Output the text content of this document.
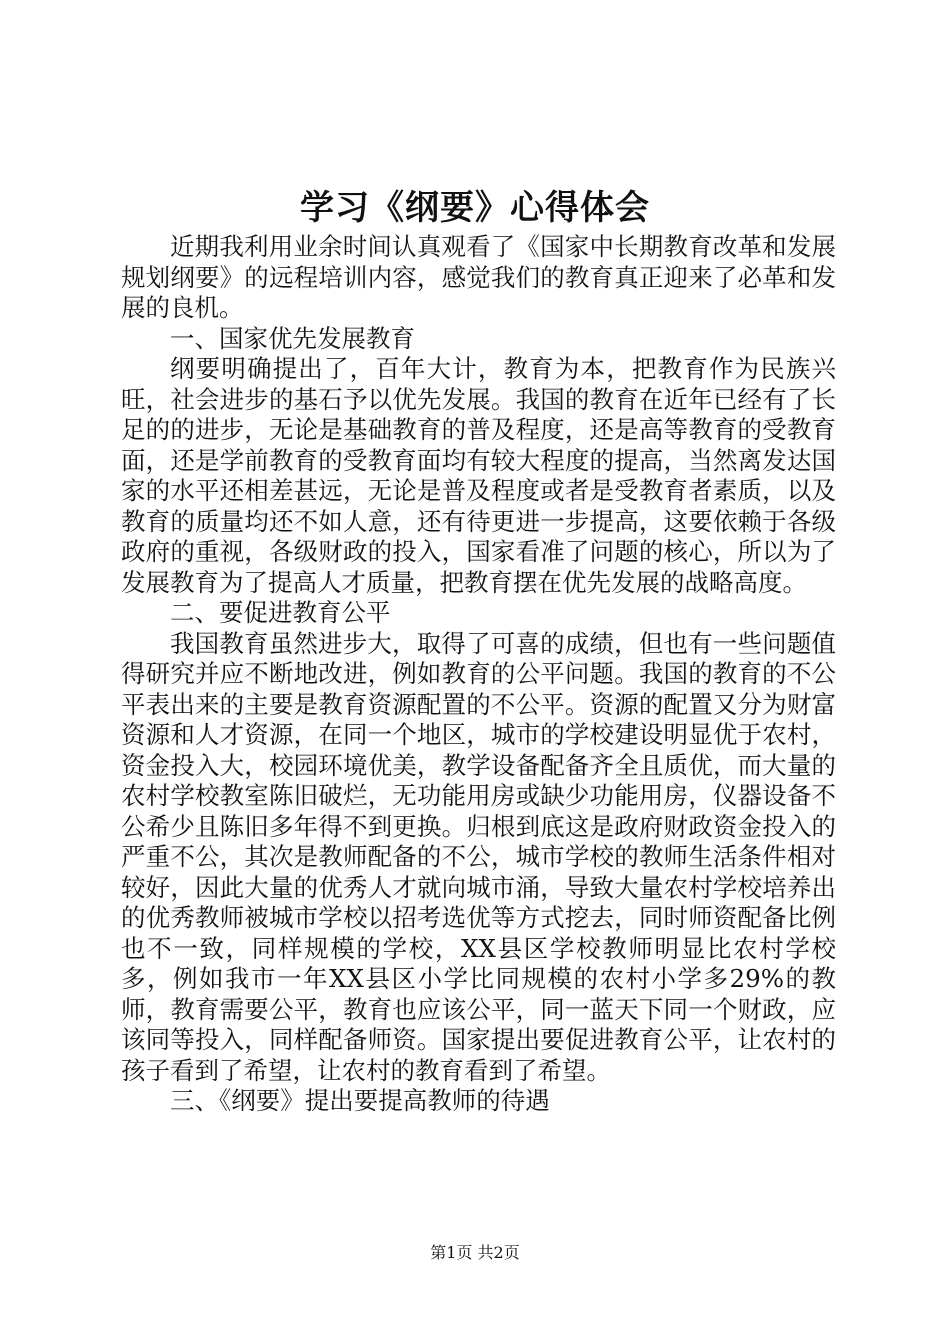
学习《纲要》心得体会

近期我利用业余时间认真观看了《国家中长期教育改革和发展规划纲要》的远程培训内容，感觉我们的教育真正迎来了必革和发展的良机。

一、国家优先发展教育

纲要明确提出了，百年大计，教育为本，把教育作为民族兴旺，社会进步的基石予以优先发展。我国的教育在近年已经有了长足的的进步，无论是基础教育的普及程度，还是高等教育的受教育面，还是学前教育的受教育面均有较大程度的提高，当然离发达国家的水平还相差甚远，无论是普及程度或者是受教育者素质，以及教育的质量均还不如人意，还有待更进一步提高，这要依赖于各级政府的重视，各级财政的投入，国家看准了问题的核心，所以为了发展教育为了提高人才质量，把教育摆在优先发展的战略高度。

二、要促进教育公平

我国教育虽然进步大，取得了可喜的成绩，但也有一些问题值得研究并应不断地改进，例如教育的公平问题。我国的教育的不公平表出来的主要是教育资源配置的不公平。资源的配置又分为财富资源和人才资源，在同一个地区，城市的学校建设明显优于农村，资金投入大，校园环境优美，教学设备配备齐全且质优，而大量的农村学校教室陈旧破烂，无功能用房或缺少功能用房，仪器设备不公希少且陈旧多年得不到更换。归根到底这是政府财政资金投入的严重不公，其次是教师配备的不公，城市学校的教师生活条件相对较好，因此大量的优秀人才就向城市涌，导致大量农村学校培养出的优秀教师被城市学校以招考选优等方式挖去，同时师资配备比例也不一致，同样规模的学校，XX县区学校教师明显比农村学校多，例如我市一年XX县区小学比同规模的农村小学多29%的教师，教育需要公平，教育也应该公平，同一蓝天下同一个财政，应该同等投入，同样配备师资。国家提出要促进教育公平，让农村的孩子看到了希望，让农村的教育看到了希望。

三、《纲要》提出要提高教师的待遇

第1页 共2页
